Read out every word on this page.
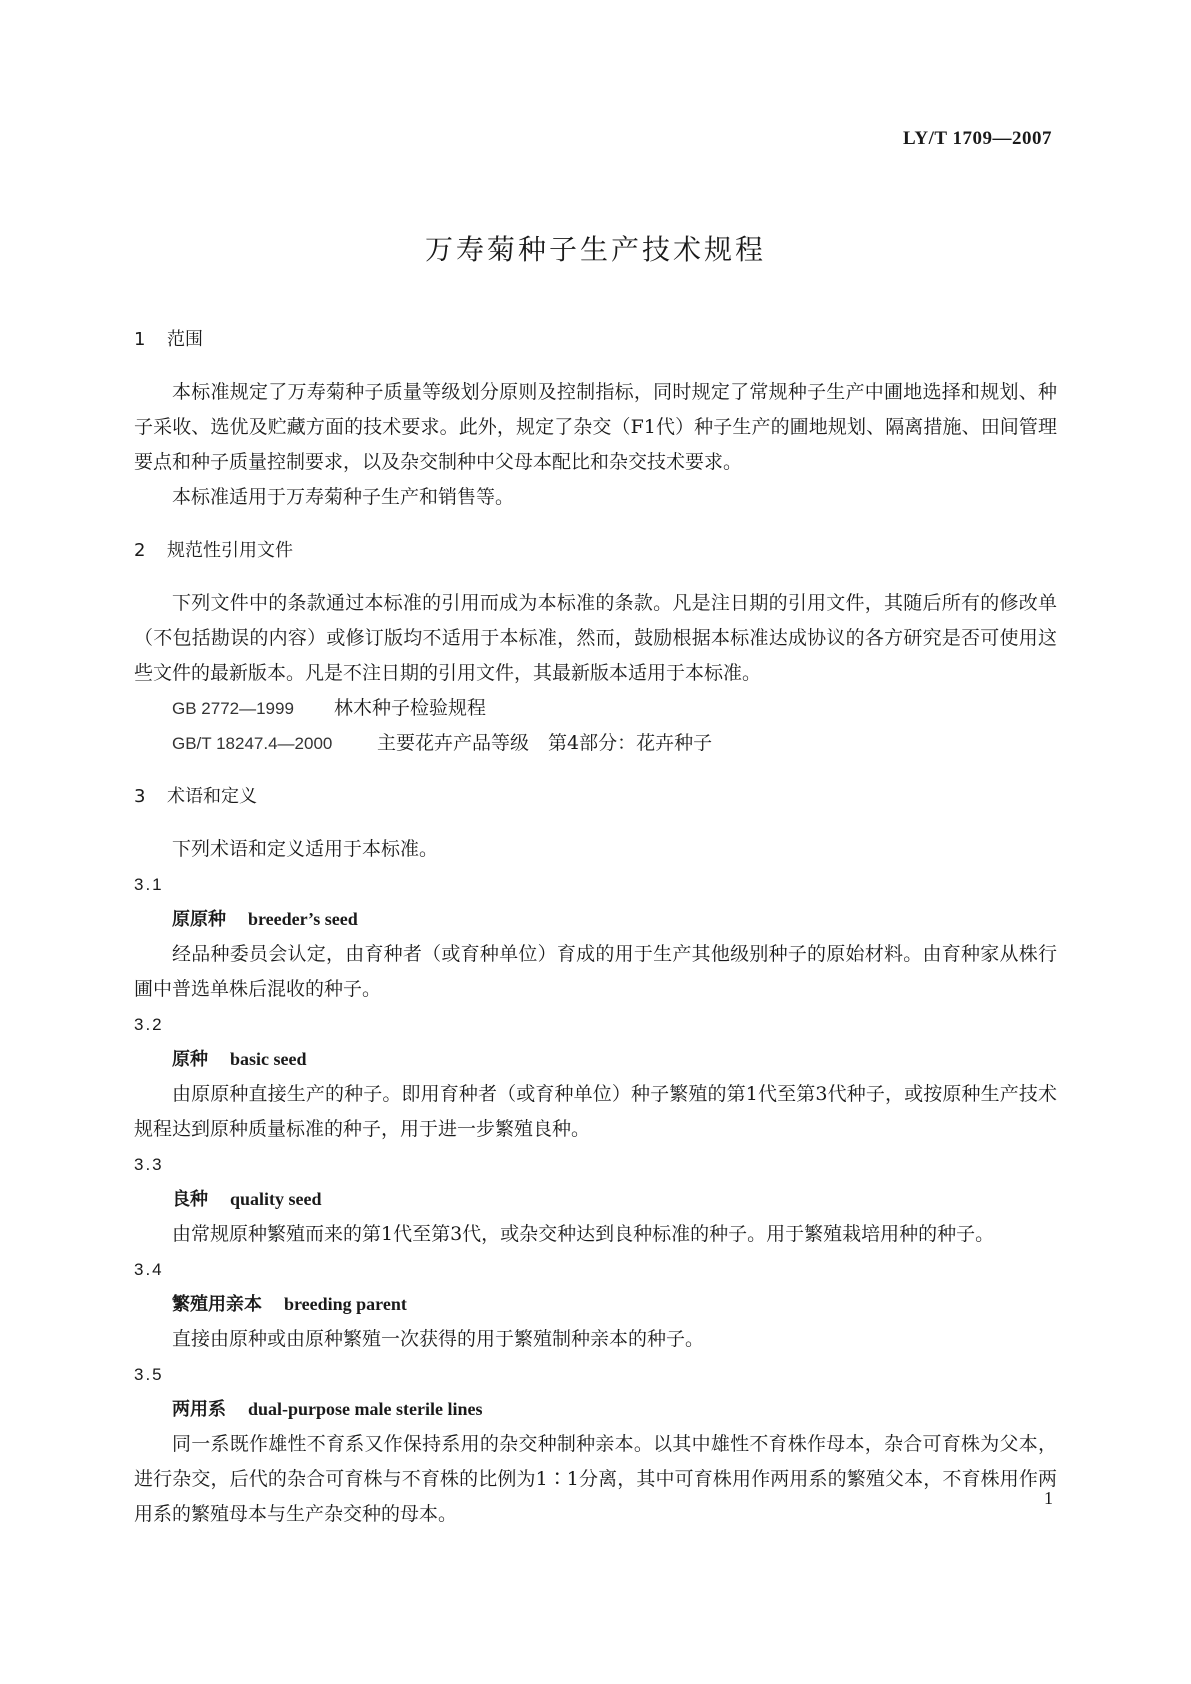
LY/T 1709—2007
万寿菊种子生产技术规程
1	范围

本标准规定了万寿菊种子质量等级划分原则及控制指标，同时规定了常规种子生产中圃地选择和规划、种子采收、选优及贮藏方面的技术要求。此外，规定了杂交（F1代）种子生产的圃地规划、隔离措施、田间管理要点和种子质量控制要求，以及杂交制种中父母本配比和杂交技术要求。

本标准适用于万寿菊种子生产和销售等。

2	规范性引用文件

下列文件中的条款通过本标准的引用而成为本标准的条款。凡是注日期的引用文件，其随后所有的修改单（不包括勘误的内容）或修订版均不适用于本标准，然而，鼓励根据本标准达成协议的各方研究是否可使用这些文件的最新版本。凡是不注日期的引用文件，其最新版本适用于本标准。

GB 2772—1999 林木种子检验规程
GB/T 18247.4—2000 主要花卉产品等级　第4部分：花卉种子
3	术语和定义

下列术语和定义适用于本标准。

3.1
原原种 breeder’s seed

经品种委员会认定，由育种者（或育种单位）育成的用于生产其他级别种子的原始材料。由育种家从株行圃中普选单株后混收的种子。

3.2
原种 basic seed

由原原种直接生产的种子。即用育种者（或育种单位）种子繁殖的第1代至第3代种子，或按原种生产技术规程达到原种质量标准的种子，用于进一步繁殖良种。

3.3
良种 quality seed

由常规原种繁殖而来的第1代至第3代，或杂交种达到良种标准的种子。用于繁殖栽培用种的种子。

3.4
繁殖用亲本 breeding parent

直接由原种或由原种繁殖一次获得的用于繁殖制种亲本的种子。

3.5
两用系 dual-purpose male sterile lines

同一系既作雄性不育系又作保持系用的杂交种制种亲本。以其中雄性不育株作母本，杂合可育株为父本，进行杂交，后代的杂合可育株与不育株的比例为1∶1分离，其中可育株用作两用系的繁殖父本，不育株用作两用系的繁殖母本与生产杂交种的母本。

1
